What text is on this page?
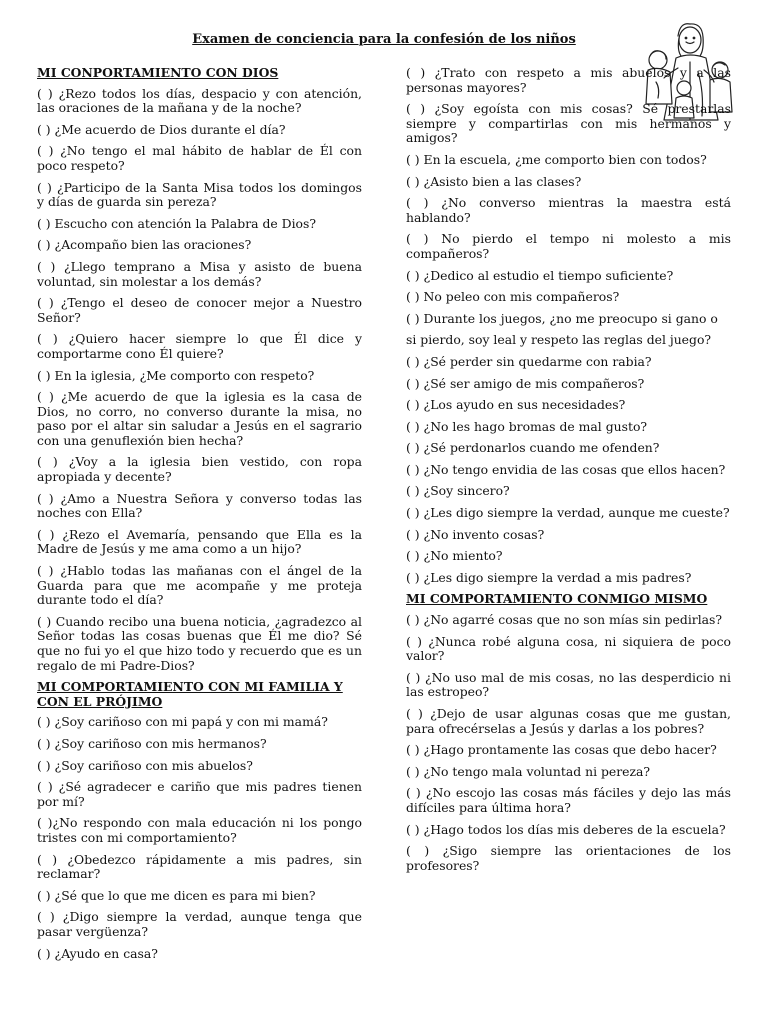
Examen de conciencia para la confesión de los niños
MI CONPORTAMIENTO CON DIOS
( ) ¿Rezo todos los días, despacio y con atención, las oraciones de la mañana y de la noche?
( ) ¿Me acuerdo de Dios durante el día?
( ) ¿No tengo el mal hábito de hablar de Él con poco respeto?
( ) ¿Participo de la Santa Misa todos los domingos y días de guarda sin pereza?
( ) Escucho con atención la Palabra de Dios?
( ) ¿Acompaño bien las oraciones?
( ) ¿Llego temprano a Misa y asisto de buena voluntad, sin molestar a los demás?
( ) ¿Tengo el deseo de conocer mejor a Nuestro Señor?
( ) ¿Quiero hacer siempre lo que Él dice y comportarme cono Él quiere?
( ) En la iglesia, ¿Me comporto con respeto?
( ) ¿Me acuerdo de que la iglesia es la casa de Dios, no corro, no converso durante la misa, no paso por el altar sin saludar a Jesús en el sagrario con una genuflexión bien hecha?
( ) ¿Voy a la iglesia bien vestido, con ropa apropiada y decente?
( ) ¿Amo a Nuestra Señora y converso todas las noches con Ella?
( ) ¿Rezo el Avemaría, pensando que Ella es la Madre de Jesús y me ama como a un hijo?
( ) ¿Hablo todas las mañanas con el ángel de la Guarda para que me acompañe y me proteja durante todo el día?
( ) Cuando recibo una buena noticia, ¿agradezco al Señor todas las cosas buenas que Él me dio? Sé que no fui yo el que hizo todo y recuerdo que es un regalo de mi Padre-Dios?
MI COMPORTAMIENTO CON MI FAMILIA Y CON EL PRÓJIMO
( ) ¿Soy cariñoso con mi papá y con mi mamá?
( ) ¿Soy cariñoso con mis hermanos?
( ) ¿Soy cariñoso con mis abuelos?
( ) ¿Sé agradecer e cariño que mis padres tienen por mí?
( )¿No respondo con mala educación ni los pongo tristes con mi comportamiento?
( ) ¿Obedezco rápidamente a mis padres, sin reclamar?
( ) ¿Sé que lo que me dicen es para mi bien?
( ) ¿Digo siempre la verdad, aunque tenga que pasar vergüenza?
( ) ¿Ayudo en casa?
( ) ¿Trato con respeto a mis abuelos y a las personas mayores?
( ) ¿Soy egoísta con mis cosas? Sé prestarlas siempre y compartirlas con mis hermanos y amigos?
( ) En la escuela, ¿me comporto bien con todos?
( ) ¿Asisto bien a las clases?
( ) ¿No converso mientras la maestra está hablando?
( ) No pierdo el tempo ni molesto a mis compañeros?
( ) ¿Dedico al estudio el tiempo suficiente?
( ) No peleo con mis compañeros?
( ) Durante los juegos, ¿no me preocupo si gano o
si pierdo, soy leal y respeto las reglas del juego?
( ) ¿Sé perder sin quedarme con rabia?
( ) ¿Sé ser amigo de mis compañeros?
( ) ¿Los ayudo en sus necesidades?
( ) ¿No les hago bromas de mal gusto?
( ) ¿Sé perdonarlos cuando me ofenden?
( ) ¿No tengo envidia de las cosas que ellos hacen?
( ) ¿Soy sincero?
( ) ¿Les digo siempre la verdad, aunque me cueste?
( ) ¿No invento cosas?
( ) ¿No miento?
( ) ¿Les digo siempre la verdad a mis padres?
MI COMPORTAMIENTO CONMIGO MISMO
( ) ¿No agarré cosas que no son mías sin pedirlas?
( ) ¿Nunca robé alguna cosa, ni siquiera de poco valor?
( ) ¿No uso mal de mis cosas, no las desperdicio ni las estropeo?
( ) ¿Dejo de usar algunas cosas que me gustan, para ofrecérselas a Jesús y darlas a los pobres?
( ) ¿Hago prontamente las cosas que debo hacer?
( ) ¿No tengo mala voluntad ni pereza?
( ) ¿No escojo las cosas más fáciles y dejo las más difíciles para última hora?
( ) ¿Hago todos los días mis deberes de la escuela?
( ) ¿Sigo siempre las orientaciones de los profesores?
